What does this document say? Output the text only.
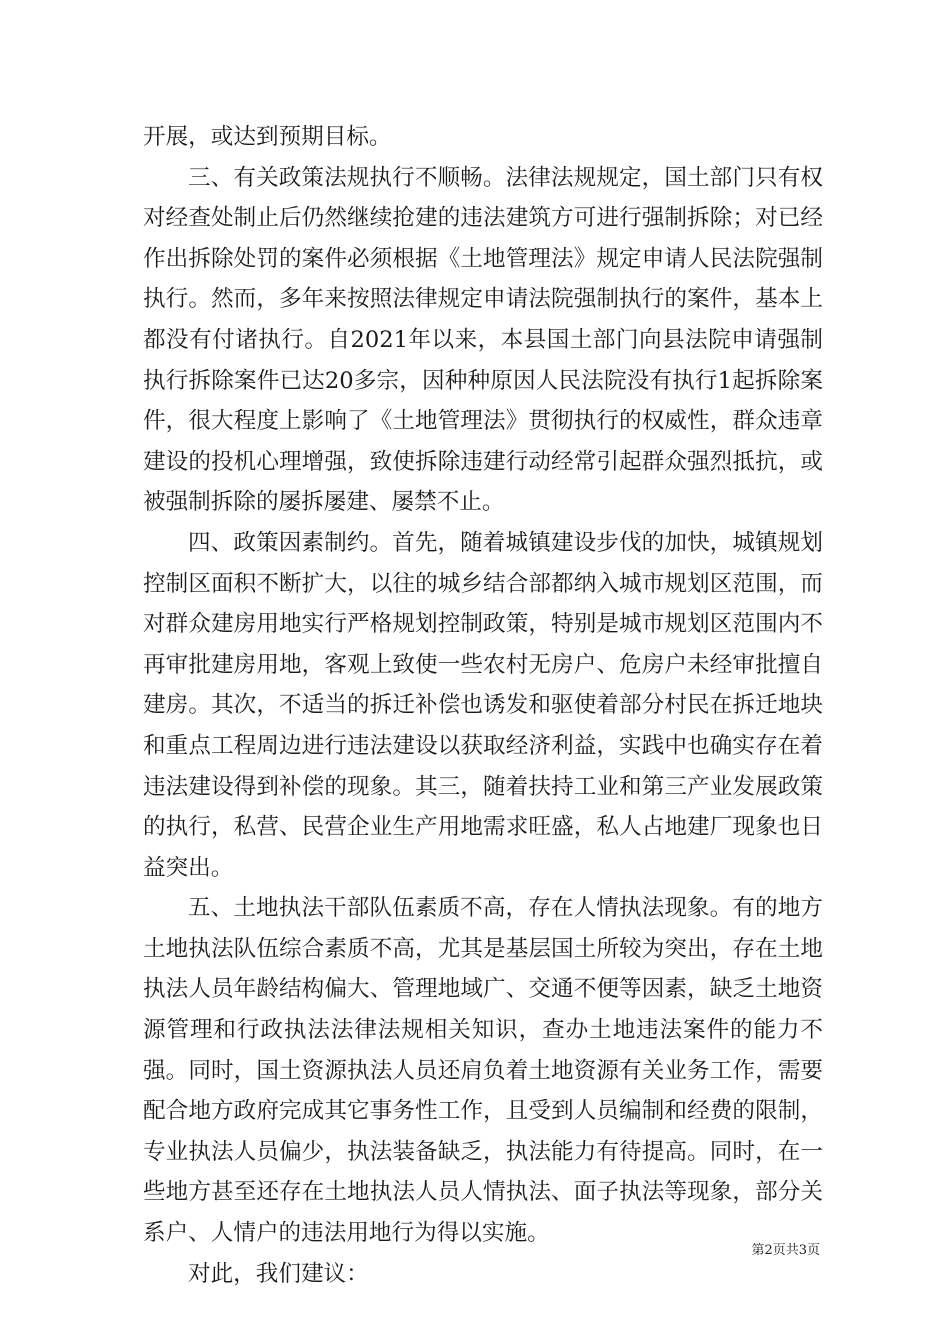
开展，或达到预期目标。

三、有关政策法规执行不顺畅。法律法规规定，国土部门只有权对经查处制止后仍然继续抢建的违法建筑方可进行强制拆除；对已经作出拆除处罚的案件必须根据《土地管理法》规定申请人民法院强制执行。然而，多年来按照法律规定申请法院强制执行的案件，基本上都没有付诸执行。自2021年以来，本县国土部门向县法院申请强制执行拆除案件已达20多宗，因种种原因人民法院没有执行1起拆除案件，很大程度上影响了《土地管理法》贯彻执行的权威性，群众违章建设的投机心理增强，致使拆除违建行动经常引起群众强烈抵抗，或被强制拆除的屡拆屡建、屡禁不止。

四、政策因素制约。首先，随着城镇建设步伐的加快，城镇规划控制区面积不断扩大，以往的城乡结合部都纳入城市规划区范围，而对群众建房用地实行严格规划控制政策，特别是城市规划区范围内不再审批建房用地，客观上致使一些农村无房户、危房户未经审批擅自建房。其次，不适当的拆迁补偿也诱发和驱使着部分村民在拆迁地块和重点工程周边进行违法建设以获取经济利益，实践中也确实存在着违法建设得到补偿的现象。其三，随着扶持工业和第三产业发展政策的执行，私营、民营企业生产用地需求旺盛，私人占地建厂现象也日益突出。

五、土地执法干部队伍素质不高，存在人情执法现象。有的地方土地执法队伍综合素质不高，尤其是基层国土所较为突出，存在土地执法人员年龄结构偏大、管理地域广、交通不便等因素，缺乏土地资源管理和行政执法法律法规相关知识，查办土地违法案件的能力不强。同时，国土资源执法人员还肩负着土地资源有关业务工作，需要配合地方政府完成其它事务性工作，且受到人员编制和经费的限制，专业执法人员偏少，执法装备缺乏，执法能力有待提高。同时，在一些地方甚至还存在土地执法人员人情执法、面子执法等现象，部分关系户、人情户的违法用地行为得以实施。

对此，我们建议：

第2页共3页
